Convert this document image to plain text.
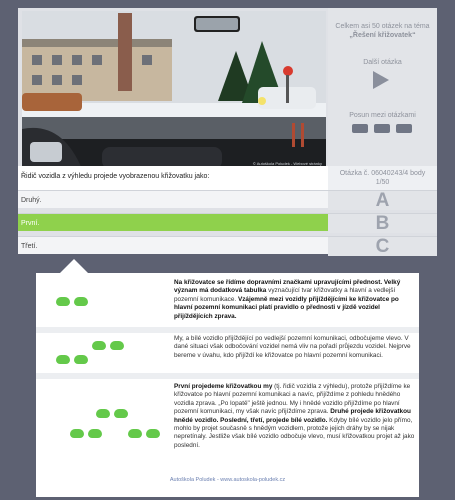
© Autoškola Poludek - Webové stránky
Celkem asi 50 otázek na téma
„Řešení křižovatek“
Další otázka
Posun mezi otázkami
Řidič vozidla z výhledu projede vyobrazenou křižovatku jako:	Otázka č. 06040243/4 body
1/50
Druhý.	A
První.	B
Třetí.	C
Na křižovatce se řídíme dopravními značkami upravujícími přednost. Velký význam má dodatková tabulka vyznačující tvar křižovatky a hlavní a vedlejší pozemní komunikace. Vzájemně mezi vozidly přijíždějícími ke křižovatce po hlavní pozemní komunikaci platí pravidlo o přednosti v jízdě vozidel přijíždějících zprava.
My, a bílé vozidlo přijíždějící po vedlejší pozemní komunikaci, odbočujeme vlevo. V dané situaci však odbočování vozidel nemá vliv na pořadí průjezdu vozidel. Nejprve bereme v úvahu, kdo přijíždí ke křižovatce po hlavní pozemní komunikaci.
První projedeme křižovatkou my (tj. řidič vozidla z výhledu), protože přijíždíme ke křižovatce po hlavní pozemní komunikaci a navíc, přijíždíme z pohledu hnědého vozidla zprava. „Po lopatě" ještě jednou. My i hnědé vozidlo přijíždíme po hlavní pozemní komunikaci, my však navíc přijíždíme zprava. Druhé projede křižovatkou hnědé vozidlo. Poslední, třetí, projede bílé vozidlo. Kdyby bílé vozidlo jelo přímo, mohlo by projet současně s hnědým vozidlem, protože jejich dráhy by se nijak nepretínaly. Jestliže však bílé vozidlo odbočuje vlevo, musí křižovatkou projet až jako poslední.
Autoškola Poludek - www.autoskola-poludek.cz
